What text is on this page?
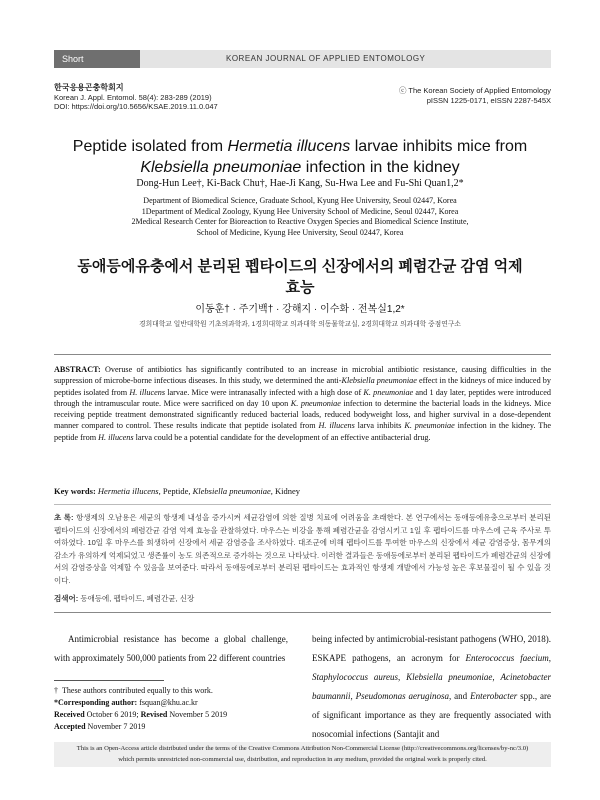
Short communication
KOREAN JOURNAL OF APPLIED ENTOMOLOGY
한국응용곤충학회지
Korean J. Appl. Entomol. 58(4): 283-289 (2019)
DOI: https://doi.org/10.5656/KSAE.2019.11.0.047
ⓒ The Korean Society of Applied Entomology
pISSN 1225-0171, eISSN 2287-545X
Peptide isolated from Hermetia illucens larvae inhibits mice from
Klebsiella pneumoniae infection in the kidney
Dong-Hun Lee†, Ki-Back Chu†, Hae-Ji Kang, Su-Hwa Lee and Fu-Shi Quan1,2*
Department of Biomedical Science, Graduate School, Kyung Hee University, Seoul 02447, Korea
1Department of Medical Zoology, Kyung Hee University School of Medicine, Seoul 02447, Korea
2Medical Research Center for Bioreaction to Reactive Oxygen Species and Biomedical Science Institute,
School of Medicine, Kyung Hee University, Seoul 02447, Korea
동애등에유충에서 분리된 펩타이드의 신장에서의 폐렴간균 감염 억제
효능
이동훈† · 주기백† · 강해지 · 이수화 · 전복실1,2*
경희대학교 일반대학원 기초의과학과, 1경희대학교 의과대학 의동물학교실, 2경희대학교 의과대학 중점연구소
ABSTRACT: Overuse of antibiotics has significantly contributed to an increase in microbial antibiotic resistance, causing difficulties in the suppression of microbe-borne infectious diseases. In this study, we determined the anti-Klebsiella pneumoniae effect in the kidneys of mice induced by peptides isolated from H. illucens larvae. Mice were intranasally infected with a high dose of K. pneumoniae and 1 day later, peptides were introduced through the intramuscular route. Mice were sacrificed on day 10 upon K. pneumoniae infection to determine the bacterial loads in the kidneys. Mice receiving peptide treatment demonstrated significantly reduced bacterial loads, reduced bodyweight loss, and higher survival in a dose-dependent manner compared to control. These results indicate that peptide isolated from H. illucens larva inhibits K. pneumoniae infection in the kidney. The peptide from H. illucens larva could be a potential candidate for the development of an effective antibacterial drug.
Key words: Hermetia illucens, Peptide, Klebsiella pneumoniae, Kidney
초 록: 항생제의 오남용은 세균의 항생제 내성을 증가시켜 세균감염에 의한 질병 치료에 어려움을 초래한다. 본 연구에서는 동애등에유충으로부터 분리된 펩타이드의 신장에서의 폐렴간균 감염 억제 효능을 관찰하였다. 마우스는 비강을 통해 폐렴간균을 감염시키고 1일 후 펩타이드를 마우스에 근육 주사로 투여하였다. 10일 후 마우스를 희생하여 신장에서 세균 감염증을 조사하였다. 대조군에 비해 펩타이드를 투여한 마우스의 신장에서 세균 감염증상, 몸무게의 감소가 유의하게 억제되었고 생존률이 농도 의존적으로 증가하는 것으로 나타났다. 이러한 결과들은 동애등에로부터 분리된 펩타이드가 폐렴간균의 신장에서의 감염증상을 억제할 수 있음을 보여준다. 따라서 동애등에로부터 분리된 펩타이드는 효과적인 항생제 개발에서 가능성 높은 후보물질이 될 수 있을 것이다.
검색어: 동애등에, 펩타이드, 폐렴간균, 신장
Antimicrobial resistance has become a global challenge, with approximately 500,000 patients from 22 different countries
being infected by antimicrobial-resistant pathogens (WHO, 2018). ESKAPE pathogens, an acronym for Enterococcus faecium, Staphylococcus aureus, Klebsiella pneumoniae, Acinetobacter baumannii, Pseudomonas aeruginosa, and Enterobacter spp., are of significant importance as they are frequently associated with nosocomial infections (Santajit and
† These authors contributed equally to this work.
*Corresponding author: fsquan@khu.ac.kr
Received October 6 2019; Revised November 5 2019
Accepted November 7 2019
This is an Open-Access article distributed under the terms of the Creative Commons Attribution Non-Commercial License (http://creativecommons.org/licenses/by-nc/3.0)
which permits unrestricted non-commercial use, distribution, and reproduction in any medium, provided the original work is properly cited.
